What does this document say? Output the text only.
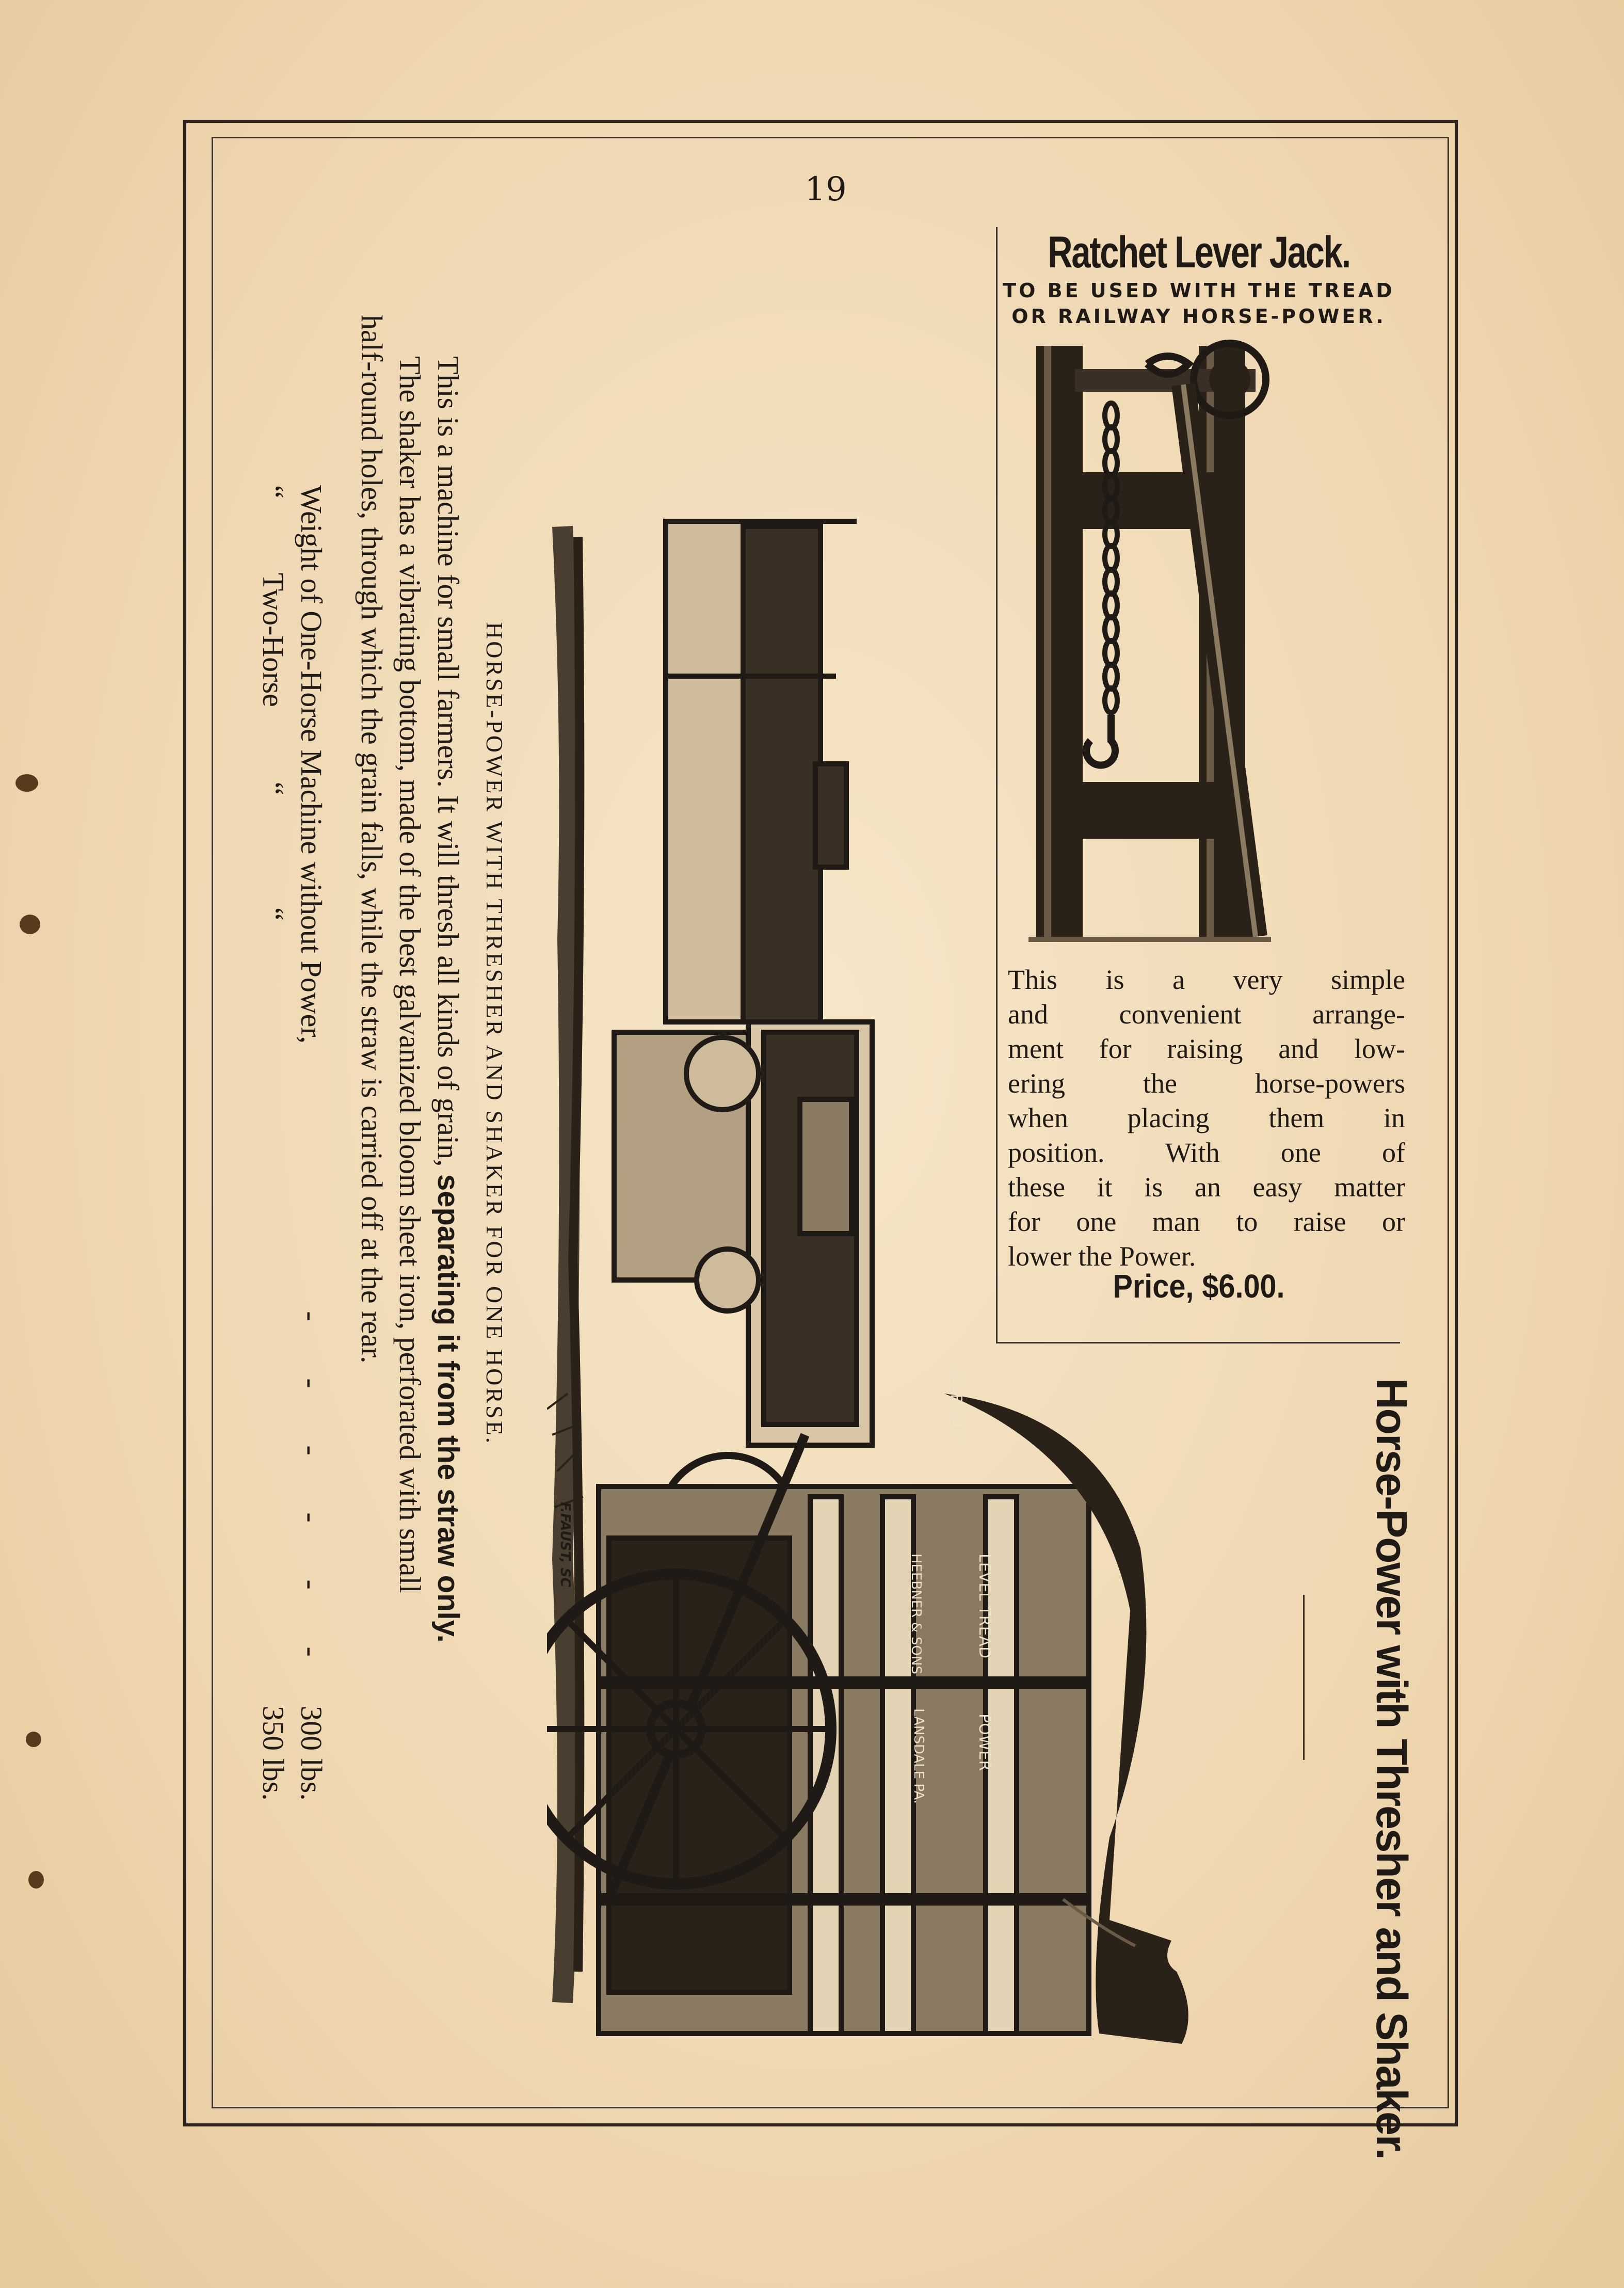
19
Ratchet Lever Jack.
TO BE USED WITH THE TREAD
OR RAILWAY HORSE-POWER.
This is a very simple
and convenient arrange-
ment for raising and low-
ering the horse-powers
when placing them in
position. With one of
these it is an easy matter
for one man to raise or
lower the Power.
Price, $6.00.
Horse-Power with Thresher and Shaker.
HEEBNER'S
LEVEL TREAD
HEEBNER & SONS
LANSDALE PA.	POWER
F.FAUST, SC
HORSE-POWER WITH THRESHER AND SHAKER FOR ONE HORSE.
This is a machine for small farmers. It will thresh all kinds of grain, separating it from the straw only.
The shaker has a vibrating bottom, made of the best galvanized bloom sheet iron, perforated with small
half-round holes, through which the grain falls, while the straw is carried off at the rear.
Weight of One-Horse Machine without Power,
-
-
-
-
-
-
300 lbs.
“          Two-Horse          “               “
350 lbs.
